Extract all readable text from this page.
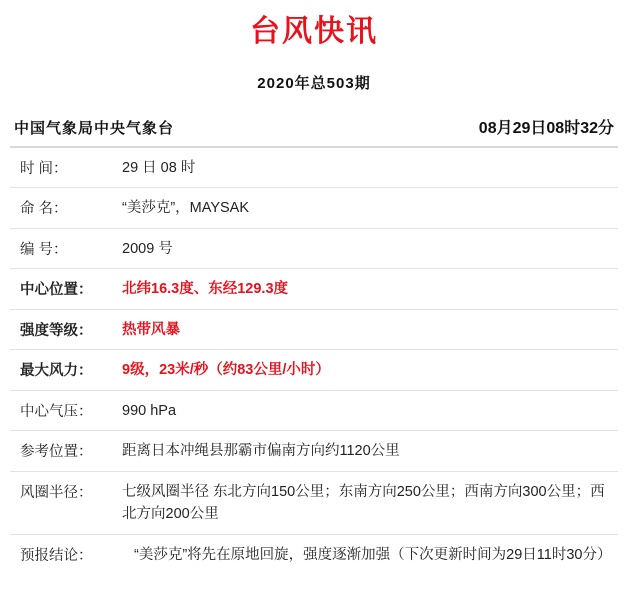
台风快讯
2020年总503期
中国气象局中央气象台	08月29日08时32分
时 间：	29 日 08 时
命 名：	“美莎克”，MAYSAK
编 号：	2009 号
中心位置：	北纬16.3度、东经129.3度
强度等级：	热带风暴
最大风力：	9级，23米/秒（约83公里/小时）
中心气压：	990 hPa
参考位置：	距离日本冲绳县那霸市偏南方向约1120公里
风圈半径：	七级风圈半径 东北方向150公里；东南方向250公里；西南方向300公里；西北方向200公里
预报结论：	“美莎克”将先在原地回旋，强度逐渐加强（下次更新时间为29日11时30分）
